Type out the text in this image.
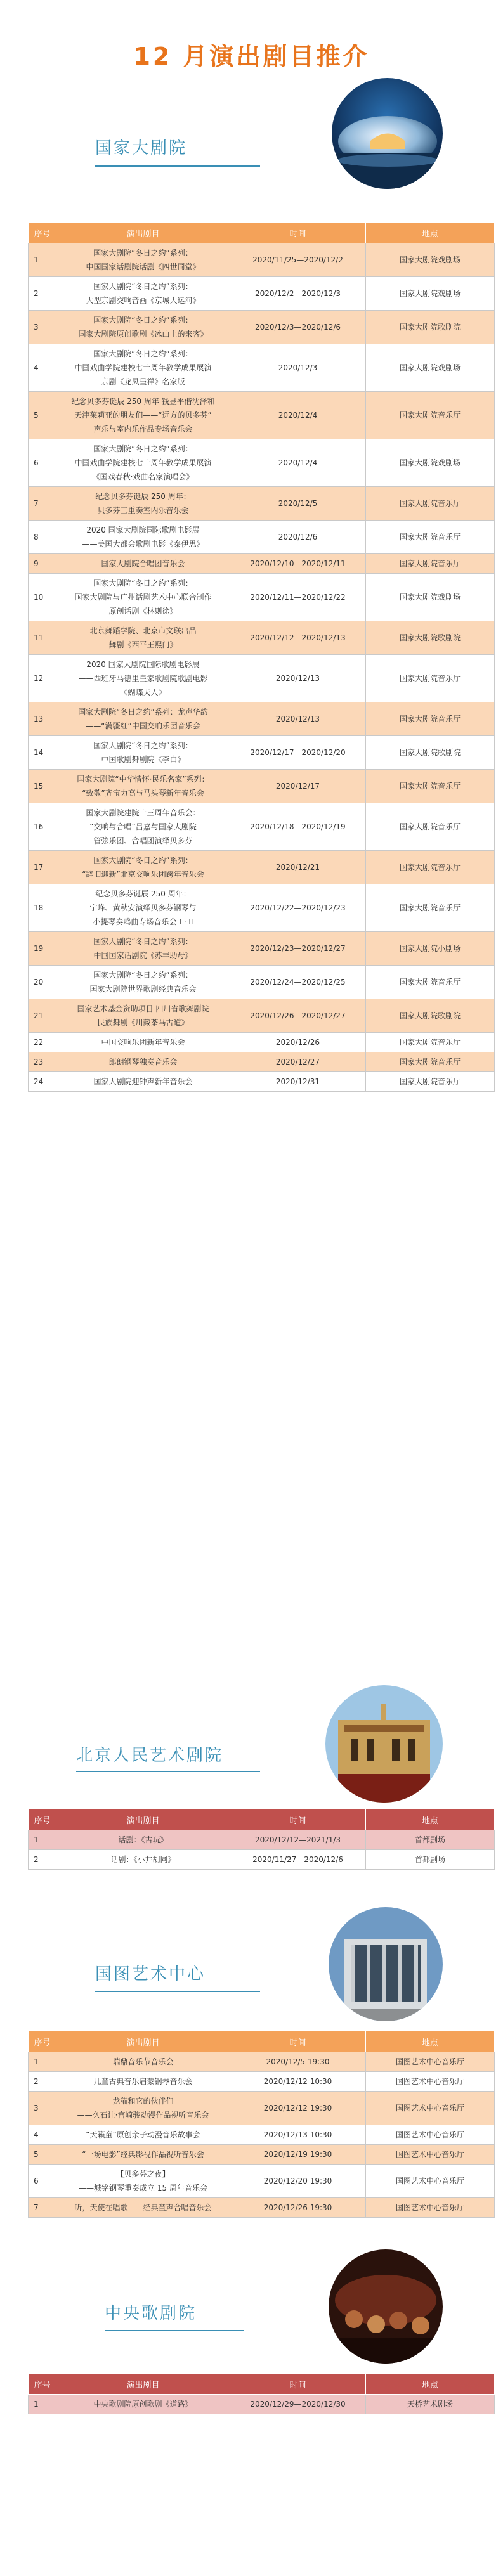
12 月演出剧目推介
国家大剧院
序号	演出剧目	时间	地点
1	国家大剧院“冬日之约”系列：
中国国家话剧院话剧《四世同堂》	2020/11/25—2020/12/2	国家大剧院戏剧场
2	国家大剧院“冬日之约”系列：
大型京剧交响音画《京城大运河》	2020/12/2—2020/12/3	国家大剧院戏剧场
3	国家大剧院“冬日之约”系列：
国家大剧院原创歌剧《冰山上的来客》	2020/12/3—2020/12/6	国家大剧院歌剧院
4	国家大剧院“冬日之约”系列：
中国戏曲学院建校七十周年教学成果展演
京剧《龙凤呈祥》名家版	2020/12/3	国家大剧院戏剧场
5	纪念贝多芬诞辰 250 周年 钱昱平偕沈泽和
天津茱莉亚的朋友们——“远方的贝多芬”
声乐与室内乐作品专场音乐会	2020/12/4	国家大剧院音乐厅
6	国家大剧院“冬日之约”系列：
中国戏曲学院建校七十周年教学成果展演
《国戏春秋·戏曲名家演唱会》	2020/12/4	国家大剧院戏剧场
7	纪念贝多芬诞辰 250 周年：
贝多芬三重奏室内乐音乐会	2020/12/5	国家大剧院音乐厅
8	2020 国家大剧院国际歌剧电影展
——美国大都会歌剧电影《泰伊思》	2020/12/6	国家大剧院音乐厅
9	国家大剧院合唱团音乐会	2020/12/10—2020/12/11	国家大剧院音乐厅
10	国家大剧院“冬日之约”系列：
国家大剧院与广州话剧艺术中心联合制作
原创话剧《林则徐》	2020/12/11—2020/12/22	国家大剧院戏剧场
11	北京舞蹈学院、北京市文联出品
舞剧《西平王熙门》	2020/12/12—2020/12/13	国家大剧院歌剧院
12	2020 国家大剧院国际歌剧电影展
——西班牙马德里皇家歌剧院歌剧电影
《蝴蝶夫人》	2020/12/13	国家大剧院音乐厅
13	国家大剧院“冬日之约”系列：龙声华韵
——“满疆红”中国交响乐团音乐会	2020/12/13	国家大剧院音乐厅
14	国家大剧院“冬日之约”系列：
中国歌剧舞剧院《李白》	2020/12/17—2020/12/20	国家大剧院歌剧院
15	国家大剧院“中华情怀·民乐名家”系列：
“致敬”齐宝力高与马头琴新年音乐会	2020/12/17	国家大剧院音乐厅
16	国家大剧院建院十三周年音乐会：
“交响与合唱”吕嘉与国家大剧院
管弦乐团、合唱团演绎贝多芬	2020/12/18—2020/12/19	国家大剧院音乐厅
17	国家大剧院“冬日之约”系列：
“辞旧迎新”北京交响乐团跨年音乐会	2020/12/21	国家大剧院音乐厅
18	纪念贝多芬诞辰 250 周年：
宁峰、黄秋安演绎贝多芬钢琴与
小提琴奏鸣曲专场音乐会 I · II	2020/12/22—2020/12/23	国家大剧院音乐厅
19	国家大剧院“冬日之约”系列：
中国国家话剧院《苏丰助母》	2020/12/23—2020/12/27	国家大剧院小剧场
20	国家大剧院“冬日之约”系列：
国家大剧院世界歌剧经典音乐会	2020/12/24—2020/12/25	国家大剧院音乐厅
21	国家艺术基金资助项目 四川省歌舞剧院
民族舞剧《川藏茶马古道》	2020/12/26—2020/12/27	国家大剧院歌剧院
22	中国交响乐团新年音乐会	2020/12/26	国家大剧院音乐厅
23	郎朗钢琴独奏音乐会	2020/12/27	国家大剧院音乐厅
24	国家大剧院迎钟声新年音乐会	2020/12/31	国家大剧院音乐厅
北京人民艺术剧院
序号	演出剧目	时间	地点
1	话剧：《古玩》	2020/12/12—2021/1/3	首都剧场
2	话剧：《小井胡同》	2020/11/27—2020/12/6	首都剧场
国图艺术中心
序号	演出剧目	时间	地点
1	瑞鼎音乐节音乐会	2020/12/5 19:30	国图艺术中心音乐厅
2	儿童古典音乐启蒙钢琴音乐会	2020/12/12 10:30	国图艺术中心音乐厅
3	龙猫和它的伙伴们
——久石让·宫崎骏动漫作品视听音乐会	2020/12/12 19:30	国图艺术中心音乐厅
4	“天籁童”原创亲子动漫音乐故事会	2020/12/13 10:30	国图艺术中心音乐厅
5	“一场电影”经典影视作品视听音乐会	2020/12/19 19:30	国图艺术中心音乐厅
6	【贝多芬之夜】
——城铭钢琴重奏成立 15 周年音乐会	2020/12/20 19:30	国图艺术中心音乐厅
7	听，天使在唱歌——经典童声合唱音乐会	2020/12/26 19:30	国图艺术中心音乐厅
中央歌剧院
序号	演出剧目	时间	地点
1	中央歌剧院原创歌剧《道路》	2020/12/29—2020/12/30	天桥艺术剧场
